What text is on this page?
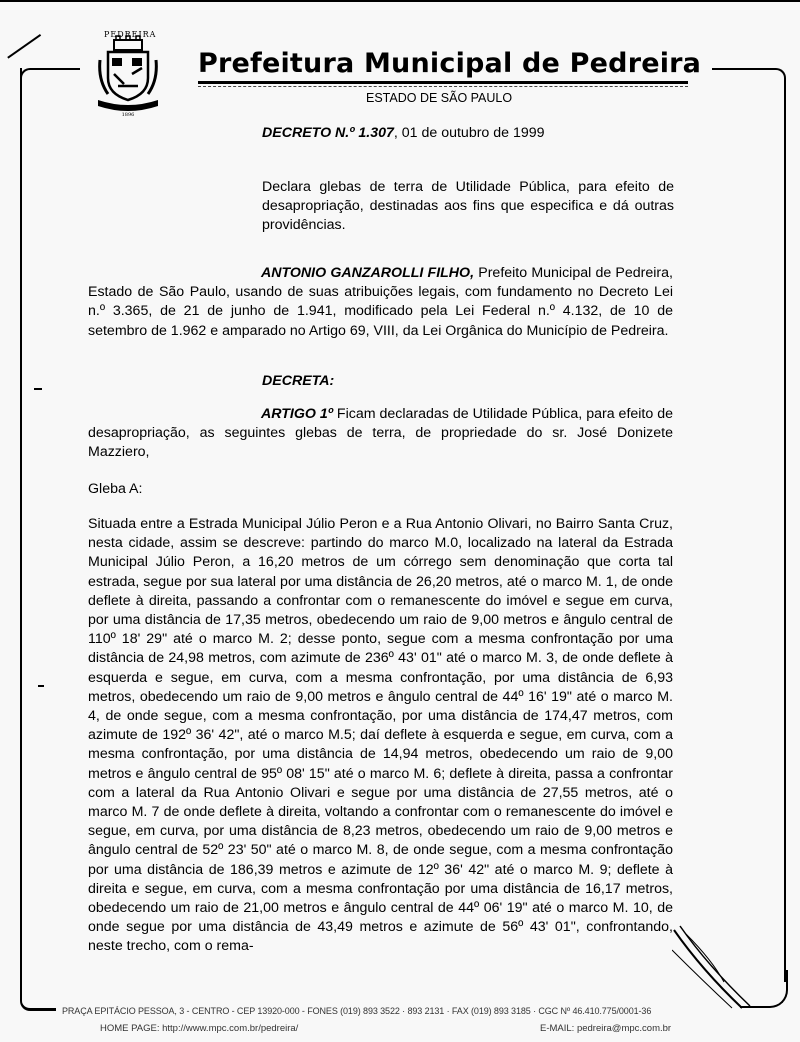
1896
PEDREIRA
Prefeitura Municipal de Pedreira
ESTADO DE SÃO PAULO
DECRETO N.º 1.307, 01 de outubro de 1999
Declara glebas de terra de Utilidade Pública, para efeito de desapropriação, destinadas aos fins que especifica e dá outras providências.
ANTONIO GANZAROLLI FILHO, Prefeito Municipal de Pedreira, Estado de São Paulo, usando de suas atribuições legais, com fundamento no Decreto Lei n.º 3.365, de 21 de junho de 1.941, modificado pela Lei Federal n.º 4.132, de 10 de setembro de 1.962 e amparado no Artigo 69, VIII, da Lei Orgânica do Município de Pedreira.
DECRETA:
ARTIGO 1º Ficam declaradas de Utilidade Pública, para efeito de desapropriação, as seguintes glebas de terra, de propriedade do sr. José Donizete Mazziero,
Gleba A:
Situada entre a Estrada Municipal Júlio Peron e a Rua Antonio Olivari, no Bairro Santa Cruz, nesta cidade, assim se descreve: partindo do marco M.0, localizado na lateral da Estrada Municipal Júlio Peron, a 16,20 metros de um córrego sem denominação que corta tal estrada, segue por sua lateral por uma distância de 26,20 metros, até o marco M. 1, de onde deflete à direita, passando a confrontar com o remanescente do imóvel e segue em curva, por uma distância de 17,35 metros, obedecendo um raio de 9,00 metros e ângulo central de 110º 18' 29" até o marco M. 2; desse ponto, segue com a mesma confrontação por uma distância de 24,98 metros, com azimute de 236º 43' 01" até o marco M. 3, de onde deflete à esquerda e segue, em curva, com a mesma confrontação, por uma distância de 6,93 metros, obedecendo um raio de 9,00 metros e ângulo central de 44º 16' 19" até o marco M. 4, de onde segue, com a mesma confrontação, por uma distância de 174,47 metros, com azimute de 192º 36' 42", até o marco M.5; daí deflete à esquerda e segue, em curva, com a mesma confrontação, por uma distância de 14,94 metros, obedecendo um raio de 9,00 metros e ângulo central de 95º 08' 15" até o marco M. 6; deflete à direita, passa a confrontar com a lateral da Rua Antonio Olivari e segue por uma distância de 27,55 metros, até o marco M. 7 de onde deflete à direita, voltando a confrontar com o remanescente do imóvel e segue, em curva, por uma distância de 8,23 metros, obedecendo um raio de 9,00 metros e ângulo central de 52º 23' 50" até o marco M. 8, de onde segue, com a mesma confrontação por uma distância de 186,39 metros e azimute de 12º 36' 42" até o marco M. 9; deflete à direita e segue, em curva, com a mesma confrontação por uma distância de 16,17 metros, obedecendo um raio de 21,00 metros e ângulo central de 44º 06' 19" até o marco M. 10, de onde segue por uma distância de 43,49 metros e azimute de 56º 43' 01", confrontando, neste trecho, com o rema-
PRAÇA EPITÁCIO PESSOA, 3 - CENTRO - CEP 13920-000 - FONES (019) 893 3522 · 893 2131 · FAX (019) 893 3185 · CGC Nº 46.410.775/0001-36
HOME PAGE: http://www.mpc.com.br/pedreira/	E-MAIL: pedreira@mpc.com.br
